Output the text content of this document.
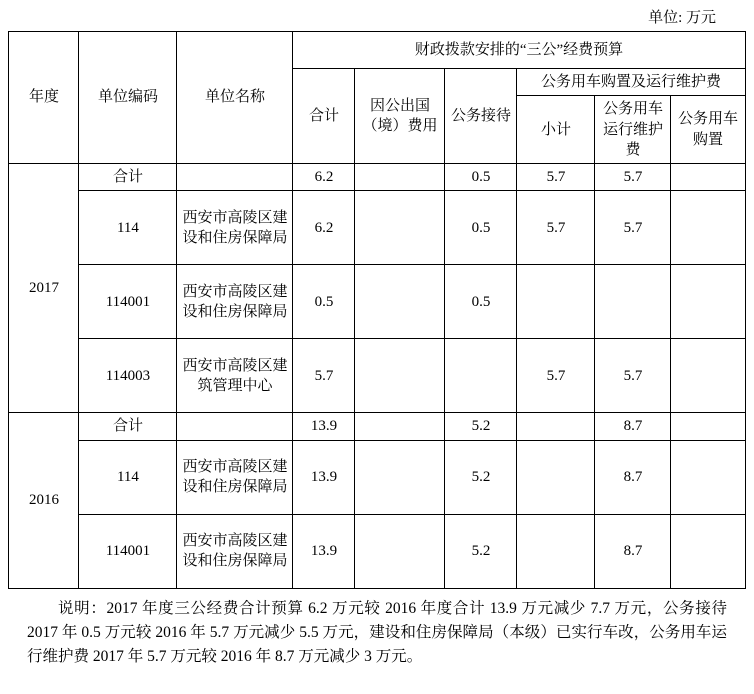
单位: 万元
年度	单位编码	单位名称	财政拨款安排的“三公”经费预算					
			合计	因公出国（境）费用	公务接待	公务用车购置及运行维护费		
						小计	公务用车运行维护费	公务用车购置
2017	合计		6.2		0.5	5.7	5.7	
	114	西安市高陵区建设和住房保障局	6.2		0.5	5.7	5.7	
	114001	西安市高陵区建设和住房保障局	0.5		0.5			
	114003	西安市高陵区建筑管理中心	5.7			5.7	5.7	
2016	合计		13.9		5.2		8.7	
	114	西安市高陵区建设和住房保障局	13.9		5.2		8.7	
	114001	西安市高陵区建设和住房保障局	13.9		5.2		8.7	
说明：2017 年度三公经费合计预算 6.2 万元较 2016 年度合计 13.9 万元减少 7.7 万元，公务接待 2017 年 0.5 万元较 2016 年 5.7 万元减少 5.5 万元，建设和住房保障局（本级）已实行车改，公务用车运行维护费 2017 年 5.7 万元较 2016 年 8.7 万元减少 3 万元。
